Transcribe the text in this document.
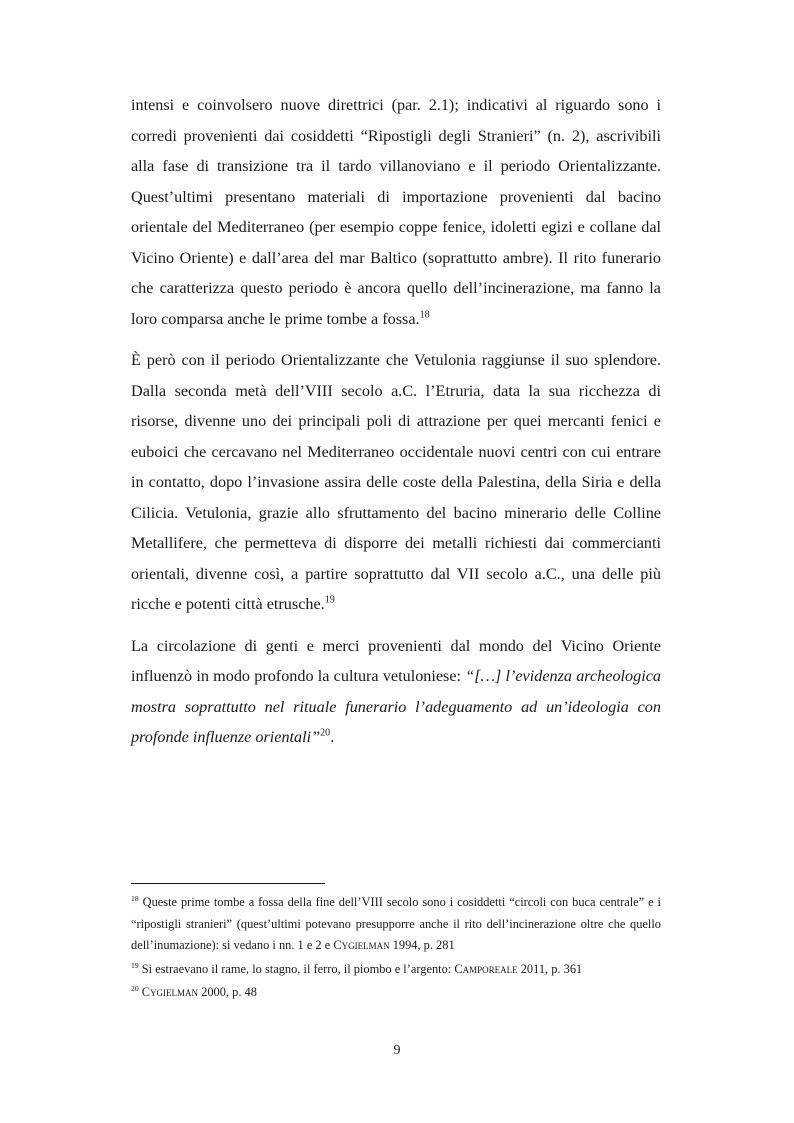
intensi e coinvolsero nuove direttrici (par. 2.1); indicativi al riguardo sono i corredi provenienti dai cosiddetti “Ripostigli degli Stranieri” (n. 2), ascrivibili alla fase di transizione tra il tardo villanoviano e il periodo Orientalizzante. Quest’ultimi presentano materiali di importazione provenienti dal bacino orientale del Mediterraneo (per esempio coppe fenice, idoletti egizi e collane dal Vicino Oriente) e dall’area del mar Baltico (soprattutto ambre). Il rito funerario che caratterizza questo periodo è ancora quello dell’incinerazione, ma fanno la loro comparsa anche le prime tombe a fossa.$^{18}$

È però con il periodo Orientalizzante che Vetulonia raggiunse il suo splendore. Dalla seconda metà dell’VIII secolo a.C. l’Etruria, data la sua ricchezza di risorse, divenne uno dei principali poli di attrazione per quei mercanti fenici e euboici che cercavano nel Mediterraneo occidentale nuovi centri con cui entrare in contatto, dopo l’invasione assira delle coste della Palestina, della Siria e della Cilicia. Vetulonia, grazie allo sfruttamento del bacino minerario delle Colline Metallifere, che permetteva di disporre dei metalli richiesti dai commercianti orientali, divenne così, a partire soprattutto dal VII secolo a.C., una delle più ricche e potenti città etrusche.$^{19}$

La circolazione di genti e merci provenienti dal mondo del Vicino Oriente influenzò in modo profondo la cultura vetuloniese: “[…] l’evidenza archeologica mostra soprattutto nel rituale funerario l’adeguamento ad un’ideologia con profonde influenze orientali”$^{20}$.

$^{18}$ Queste prime tombe a fossa della fine dell’VIII secolo sono i cosiddetti “circoli con buca centrale” e i “ripostigli stranieri” (quest’ultimi potevano presupporre anche il rito dell’incinerazione oltre che quello dell’inumazione): si vedano i nn. 1 e 2 e Cygielman 1994, p. 281
$^{19}$ Si estraevano il rame, lo stagno, il ferro, il piombo e l’argento: Camporeale 2011, p. 361
$^{20}$ Cygielman 2000, p. 48
9
